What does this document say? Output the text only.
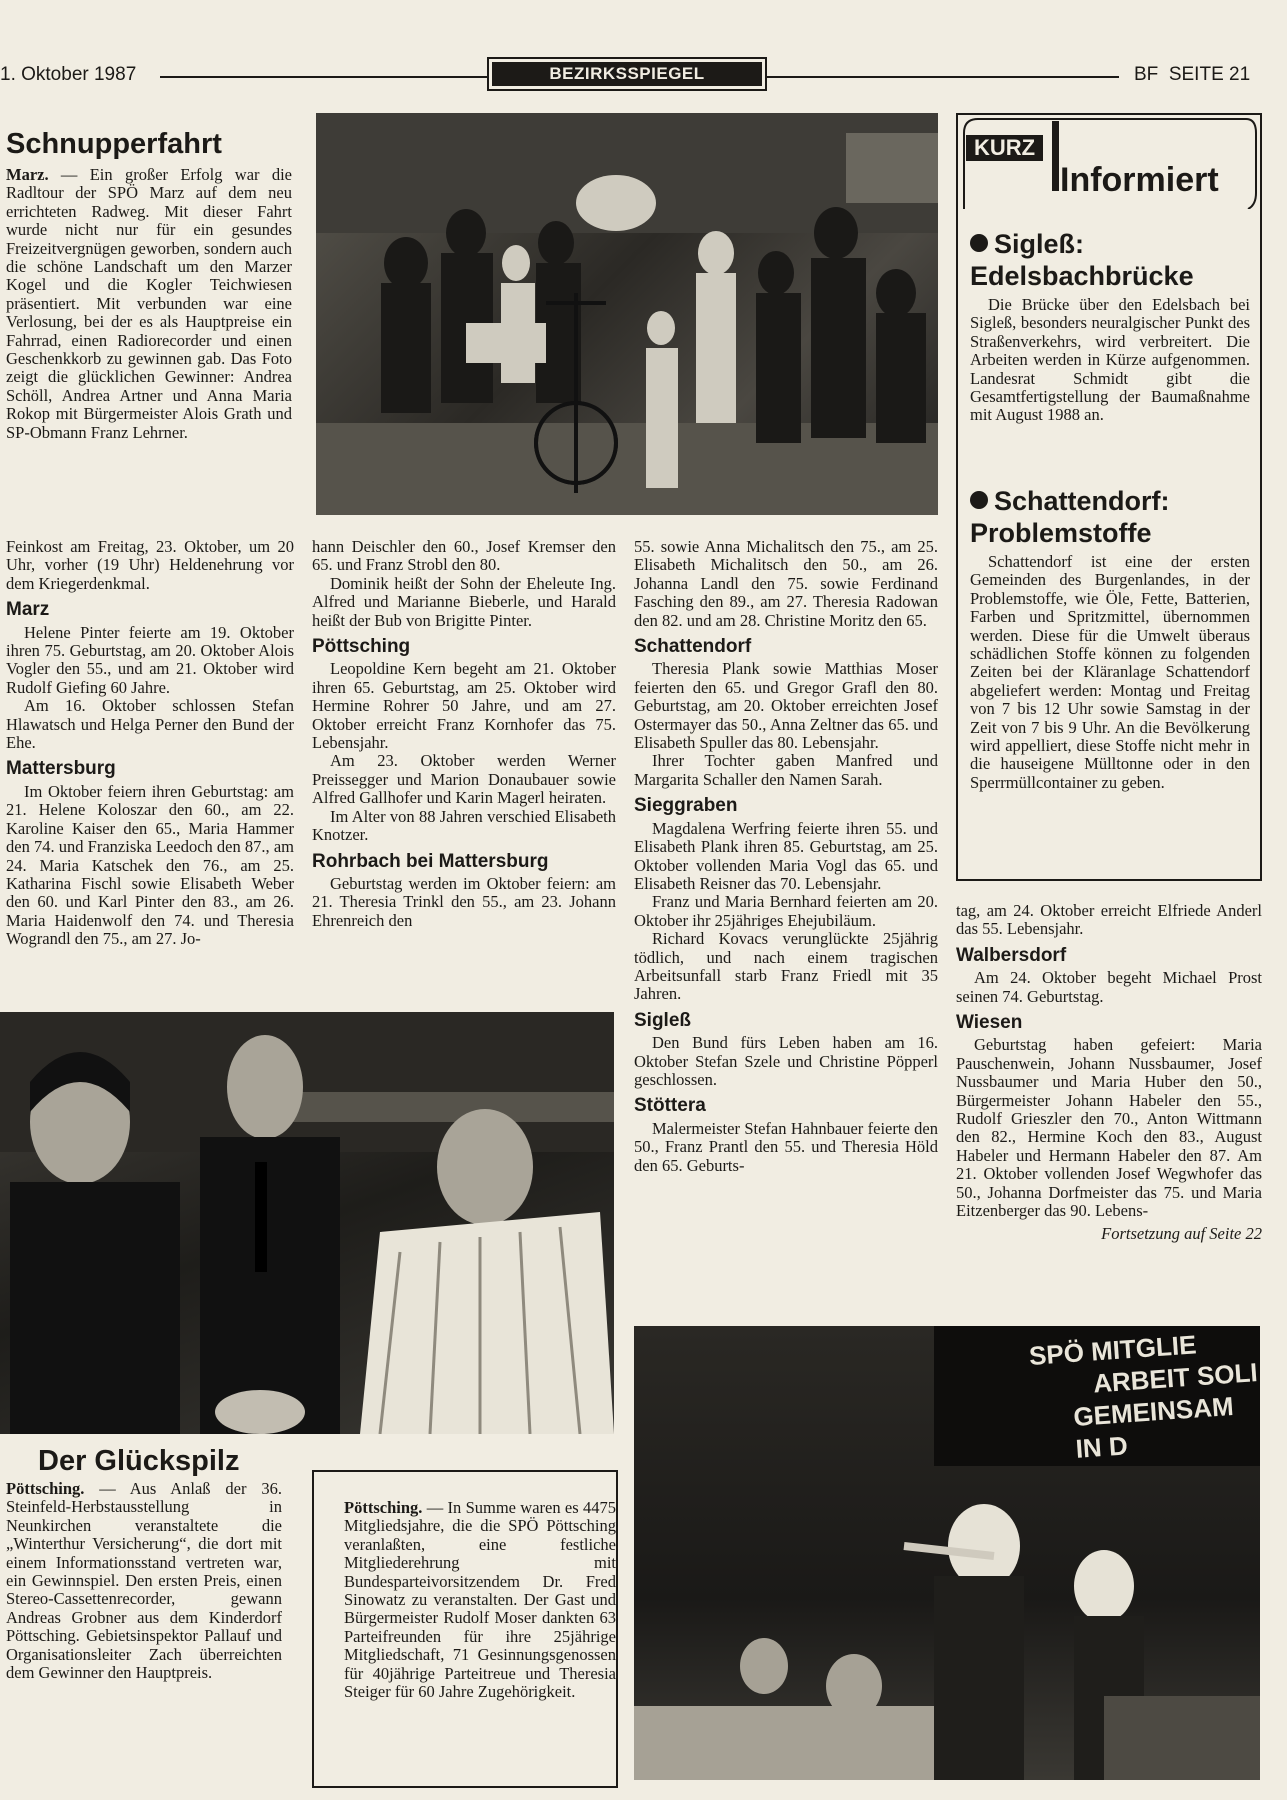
1. Oktober 1987	BEZIRKSSPIEGEL	BF  SEITE 21
Schnupperfahrt

Marz. — Ein großer Erfolg war die Radltour der SPÖ Marz auf dem neu errichteten Radweg. Mit dieser Fahrt wurde nicht nur für ein gesundes Freizeitvergnügen geworben, sondern auch die schöne Landschaft um den Marzer Kogel und die Kogler Teichwiesen präsentiert. Mit verbunden war eine Verlosung, bei der es als Hauptpreise ein Fahrrad, einen Radiorecorder und einen Geschenkkorb zu gewinnen gab. Das Foto zeigt die glücklichen Gewinner: Andrea Schöll, Andrea Artner und Anna Maria Rokop mit Bürgermeister Alois Grath und SP-Obmann Franz Lehrner.

KURZ
Informiert
Sigleß:
Edelsbachbrücke
Die Brücke über den Edelsbach bei Sigleß, besonders neuralgischer Punkt des Straßenverkehrs, wird verbreitert. Die Arbeiten werden in Kürze aufgenommen. Landesrat Schmidt gibt die Gesamtfertigstellung der Baumaßnahme mit August 1988 an.
Schattendorf:
Problemstoffe
Schattendorf ist eine der ersten Gemeinden des Burgenlandes, in der Problemstoffe, wie Öle, Fette, Batterien, Farben und Spritzmittel, übernommen werden. Diese für die Umwelt überaus schädlichen Stoffe können zu folgenden Zeiten bei der Kläranlage Schattendorf abgeliefert werden: Montag und Freitag von 7 bis 12 Uhr sowie Samstag in der Zeit von 7 bis 9 Uhr. An die Bevölkerung wird appelliert, diese Stoffe nicht mehr in die hauseigene Mülltonne oder in den Sperrmüllcontainer zu geben.

Feinkost am Freitag, 23. Oktober, um 20 Uhr, vorher (19 Uhr) Heldenehrung vor dem Kriegerdenkmal.

Marz

Helene Pinter feierte am 19. Oktober ihren 75. Geburtstag, am 20. Oktober Alois Vogler den 55., und am 21. Oktober wird Rudolf Giefing 60 Jahre.

Am 16. Oktober schlossen Stefan Hlawatsch und Helga Perner den Bund der Ehe.

Mattersburg

Im Oktober feiern ihren Geburtstag: am 21. Helene Koloszar den 60., am 22. Karoline Kaiser den 65., Maria Hammer den 74. und Franziska Leedoch den 87., am 24. Maria Katschek den 76., am 25. Katharina Fischl sowie Elisabeth Weber den 60. und Karl Pinter den 83., am 26. Maria Haidenwolf den 74. und Theresia Wograndl den 75., am 27. Jo-

hann Deischler den 60., Josef Kremser den 65. und Franz Strobl den 80.

Dominik heißt der Sohn der Eheleute Ing. Alfred und Marianne Bieberle, und Harald heißt der Bub von Brigitte Pinter.

Pöttsching

Leopoldine Kern begeht am 21. Oktober ihren 65. Geburtstag, am 25. Oktober wird Hermine Rohrer 50 Jahre, und am 27. Oktober erreicht Franz Kornhofer das 75. Lebensjahr.

Am 23. Oktober werden Werner Preissegger und Marion Donaubauer sowie Alfred Gallhofer und Karin Magerl heiraten.

Im Alter von 88 Jahren verschied Elisabeth Knotzer.

Rohrbach bei Mattersburg

Geburtstag werden im Oktober feiern: am 21. Theresia Trinkl den 55., am 23. Johann Ehrenreich den

55. sowie Anna Michalitsch den 75., am 25. Elisabeth Michalitsch den 50., am 26. Johanna Landl den 75. sowie Ferdinand Fasching den 89., am 27. Theresia Radowan den 82. und am 28. Christine Moritz den 65.

Schattendorf

Theresia Plank sowie Matthias Moser feierten den 65. und Gregor Grafl den 80. Geburtstag, am 20. Oktober erreichten Josef Ostermayer das 50., Anna Zeltner das 65. und Elisabeth Spuller das 80. Lebensjahr.

Ihrer Tochter gaben Manfred und Margarita Schaller den Namen Sarah.

Sieggraben

Magdalena Werfring feierte ihren 55. und Elisabeth Plank ihren 85. Geburtstag, am 25. Oktober vollenden Maria Vogl das 65. und Elisabeth Reisner das 70. Lebensjahr.

Franz und Maria Bernhard feierten am 20. Oktober ihr 25jähriges Ehejubiläum.

Richard Kovacs verunglückte 25jährig tödlich, und nach einem tragischen Arbeitsunfall starb Franz Friedl mit 35 Jahren.

Sigleß

Den Bund fürs Leben haben am 16. Oktober Stefan Szele und Christine Pöpperl geschlossen.

Stöttera

Malermeister Stefan Hahnbauer feierte den 50., Franz Prantl den 55. und Theresia Höld den 65. Geburts-

tag, am 24. Oktober erreicht Elfriede Anderl das 55. Lebensjahr.

Walbersdorf

Am 24. Oktober begeht Michael Prost seinen 74. Geburtstag.

Wiesen

Geburtstag haben gefeiert: Maria Pauschenwein, Johann Nussbaumer, Josef Nussbaumer und Maria Huber den 50., Bürgermeister Johann Habeler den 55., Rudolf Grieszler den 70., Anton Wittmann den 82., Hermine Koch den 83., August Habeler und Hermann Habeler den 87. Am 21. Oktober vollenden Josef Wegwhofer das 50., Johanna Dorfmeister das 75. und Maria Eitzenberger das 90. Lebens-

Fortsetzung auf Seite 22

Der Glückspilz

Pöttsching. — Aus Anlaß der 36. Steinfeld-Herbstausstellung in Neunkirchen veranstaltete die „Winterthur Versicherung“, die dort mit einem Informationsstand vertreten war, ein Gewinnspiel. Den ersten Preis, einen Stereo-Cassettenrecorder, gewann Andreas Grobner aus dem Kinderdorf Pöttsching. Gebietsinspektor Pallauf und Organisationsleiter Zach überreichten dem Gewinner den Hauptpreis.

Pöttsching. — In Summe waren es 4475 Mitgliedsjahre, die die SPÖ Pöttsching veranlaßten, eine festliche Mitgliederehrung mit Bundesparteivorsitzendem Dr. Fred Sinowatz zu veranstalten. Der Gast und Bürgermeister Rudolf Moser dankten 63 Parteifreunden für ihre 25jährige Mitgliedschaft, 71 Gesinnungsgenossen für 40jährige Parteitreue und Theresia Steiger für 60 Jahre Zugehörigkeit.

SPÖ MITGLIE
ARBEIT SOLI
GEMEINSAM IN D
